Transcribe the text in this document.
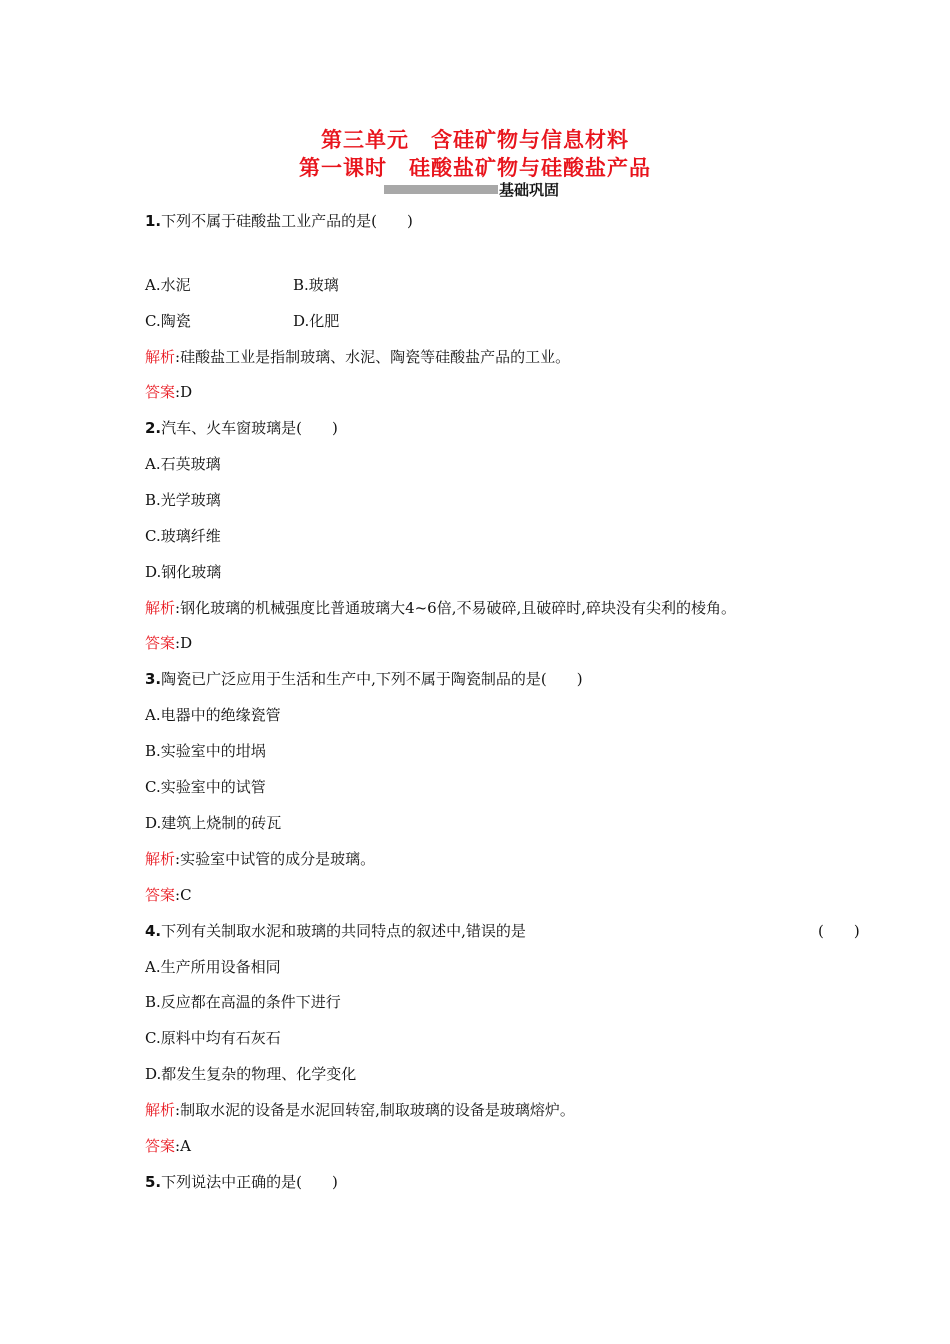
第三单元　含硅矿物与信息材料
第一课时　硅酸盐矿物与硅酸盐产品
基础巩固
1.下列不属于硅酸盐工业产品的是(　　)
A.水泥	B.玻璃
C.陶瓷	D.化肥
解析:硅酸盐工业是指制玻璃、水泥、陶瓷等硅酸盐产品的工业。
答案:D
2.汽车、火车窗玻璃是(　　)
A.石英玻璃
B.光学玻璃
C.玻璃纤维
D.钢化玻璃
解析:钢化玻璃的机械强度比普通玻璃大4~6倍,不易破碎,且破碎时,碎块没有尖利的棱角。
答案:D
3.陶瓷已广泛应用于生活和生产中,下列不属于陶瓷制品的是(　　)
A.电器中的绝缘瓷管
B.实验室中的坩埚
C.实验室中的试管
D.建筑上烧制的砖瓦
解析:实验室中试管的成分是玻璃。
答案:C
4.下列有关制取水泥和玻璃的共同特点的叙述中,错误的是	(　　)
A.生产所用设备相同
B.反应都在高温的条件下进行
C.原料中均有石灰石
D.都发生复杂的物理、化学变化
解析:制取水泥的设备是水泥回转窑,制取玻璃的设备是玻璃熔炉。
答案:A
5.下列说法中正确的是(　　)
